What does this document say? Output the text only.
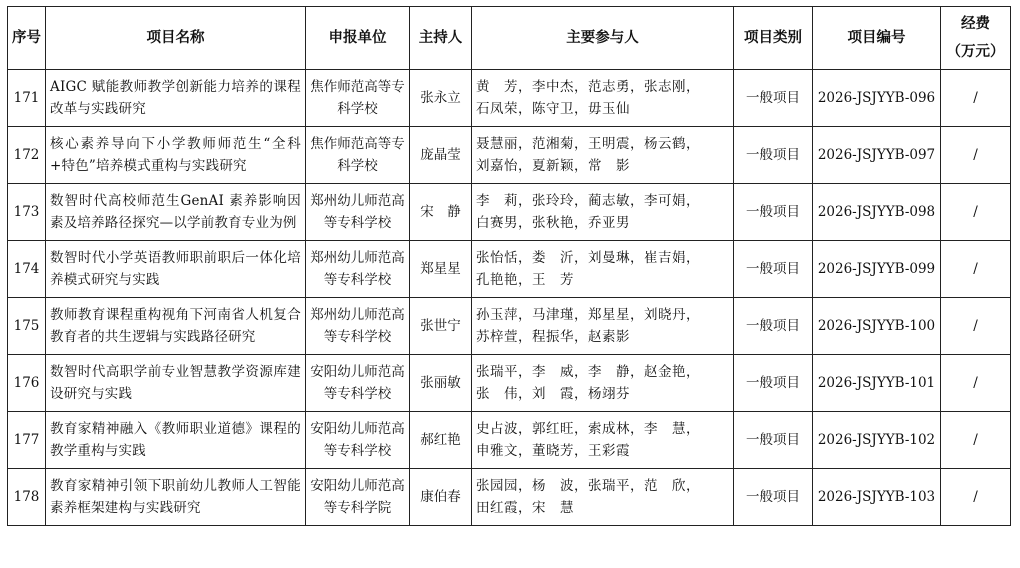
序号	项目名称	申报单位	主持人	主要参与人	项目类别	项目编号	经费
（万元）

171	AIGC 赋能教师教学创新能力培养的课程改革与实践研究	焦作师范高等专科学校	张永立	黄　芳，李中杰，范志勇，张志刚，
石凤荣，陈守卫，毋玉仙	一般项目	2026-JSJYYB-096	/
172	核心素养导向下小学教师师范生“全科+特色”培养模式重构与实践研究	焦作师范高等专科学校	庞晶莹	聂慧丽，范湘菊，王明震，杨云鹤，
刘嘉怡，夏新颖，常　影	一般项目	2026-JSJYYB-097	/
173	数智时代高校师范生GenAI 素养影响因素及培养路径探究—以学前教育专业为例	郑州幼儿师范高等专科学校	宋　静	李　莉，张玲玲，蔺志敏，李可娟，
白赛男，张秋艳，乔亚男	一般项目	2026-JSJYYB-098	/
174	数智时代小学英语教师职前职后一体化培养模式研究与实践	郑州幼儿师范高等专科学校	郑星星	张怡恬，娄　沂，刘曼琳，崔吉娟，
孔艳艳，王　芳	一般项目	2026-JSJYYB-099	/
175	教师教育课程重构视角下河南省人机复合教育者的共生逻辑与实践路径研究	郑州幼儿师范高等专科学校	张世宁	孙玉萍，马津瑾，郑星星，刘晓丹，
苏梓萱，程振华，赵素影	一般项目	2026-JSJYYB-100	/
176	数智时代高职学前专业智慧教学资源库建设研究与实践	安阳幼儿师范高等专科学校	张丽敏	张瑞平，李　威，李　静，赵金艳，
张　伟，刘　霞，杨翊芬	一般项目	2026-JSJYYB-101	/
177	教育家精神融入《教师职业道德》课程的教学重构与实践	安阳幼儿师范高等专科学校	郝红艳	史占波，郭红旺，索成林，李　慧，
申雅文，董晓芳，王彩霞	一般项目	2026-JSJYYB-102	/
178	教育家精神引领下职前幼儿教师人工智能素养框架建构与实践研究	安阳幼儿师范高等专科学院	康伯春	张园园，杨　波，张瑞平，范　欣，
田红霞，宋　慧	一般项目	2026-JSJYYB-103	/
